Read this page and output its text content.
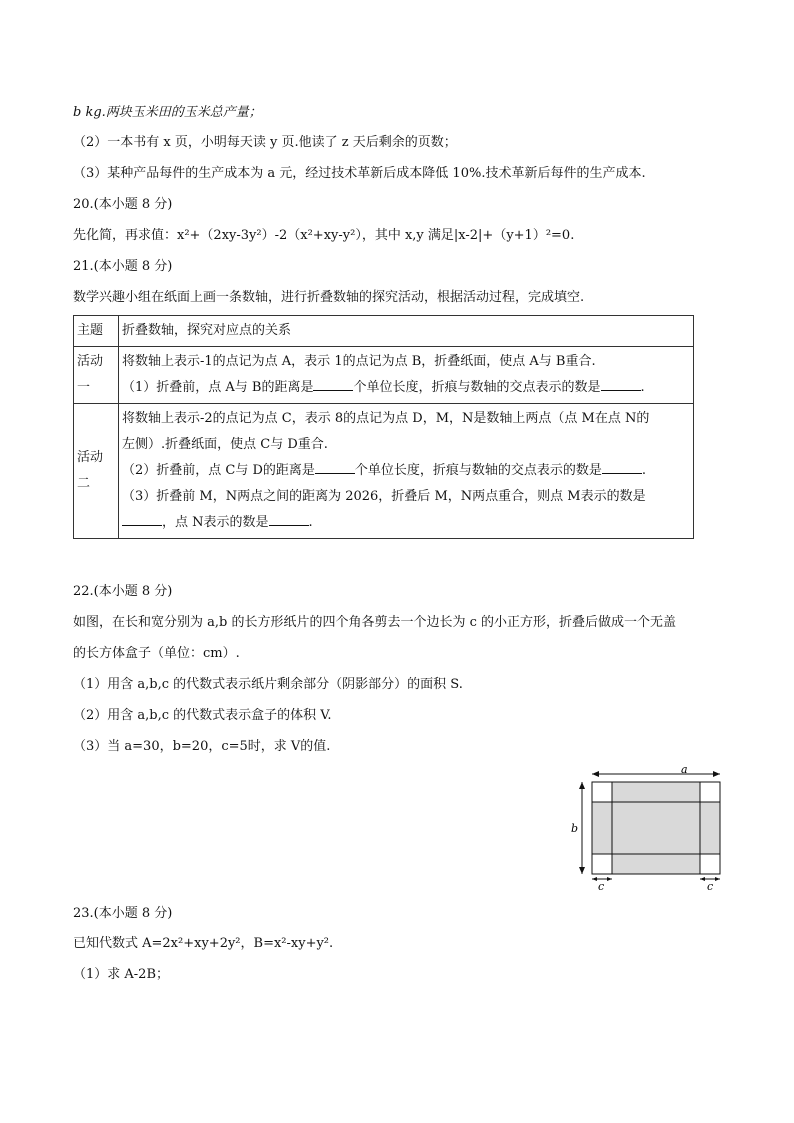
b kg.两块玉米田的玉米总产量；
（2）一本书有 x 页，小明每天读 y 页.他读了 z 天后剩余的页数；
（3）某种产品每件的生产成本为 a 元，经过技术革新后成本降低 10%.技术革新后每件的生产成本.
20.(本小题 8 分)
先化简，再求值：x²+（2xy-3y²）-2（x²+xy-y²），其中 x,y 满足|x-2|+（y+1）²=0.
21.(本小题 8 分)
数学兴趣小组在纸面上画一条数轴，进行折叠数轴的探究活动，根据活动过程，完成填空.
主题	折叠数轴，探究对应点的关系
活动一	将数轴上表示-1的点记为点 A，表示 1的点记为点 B，折叠纸面，使点 A与 B重合.
（1）折叠前，点 A与 B的距离是 个单位长度，折痕与数轴的交点表示的数是 .

活动二	将数轴上表示-2的点记为点 C，表示 8的点记为点 D，M，N是数轴上两点（点 M在点 N的
左侧）.折叠纸面，使点 C与 D重合.
（2）折叠前，点 C与 D的距离是 个单位长度，折痕与数轴的交点表示的数是 .
（3）折叠前 M，N两点之间的距离为 2026，折叠后 M，N两点重合，则点 M表示的数是
，点 N表示的数是 .
22.(本小题 8 分)
如图，在长和宽分别为 a,b 的长方形纸片的四个角各剪去一个边长为 c 的小正方形，折叠后做成一个无盖
的长方体盒子（单位：cm）.
（1）用含 a,b,c 的代数式表示纸片剩余部分（阴影部分）的面积 S.
（2）用含 a,b,c 的代数式表示盒子的体积 V.
（3）当 a=30，b=20，c=5时，求 V的值.
a
b
c	c
23.(本小题 8 分)
已知代数式 A=2x²+xy+2y²，B=x²-xy+y².
（1）求 A-2B；
